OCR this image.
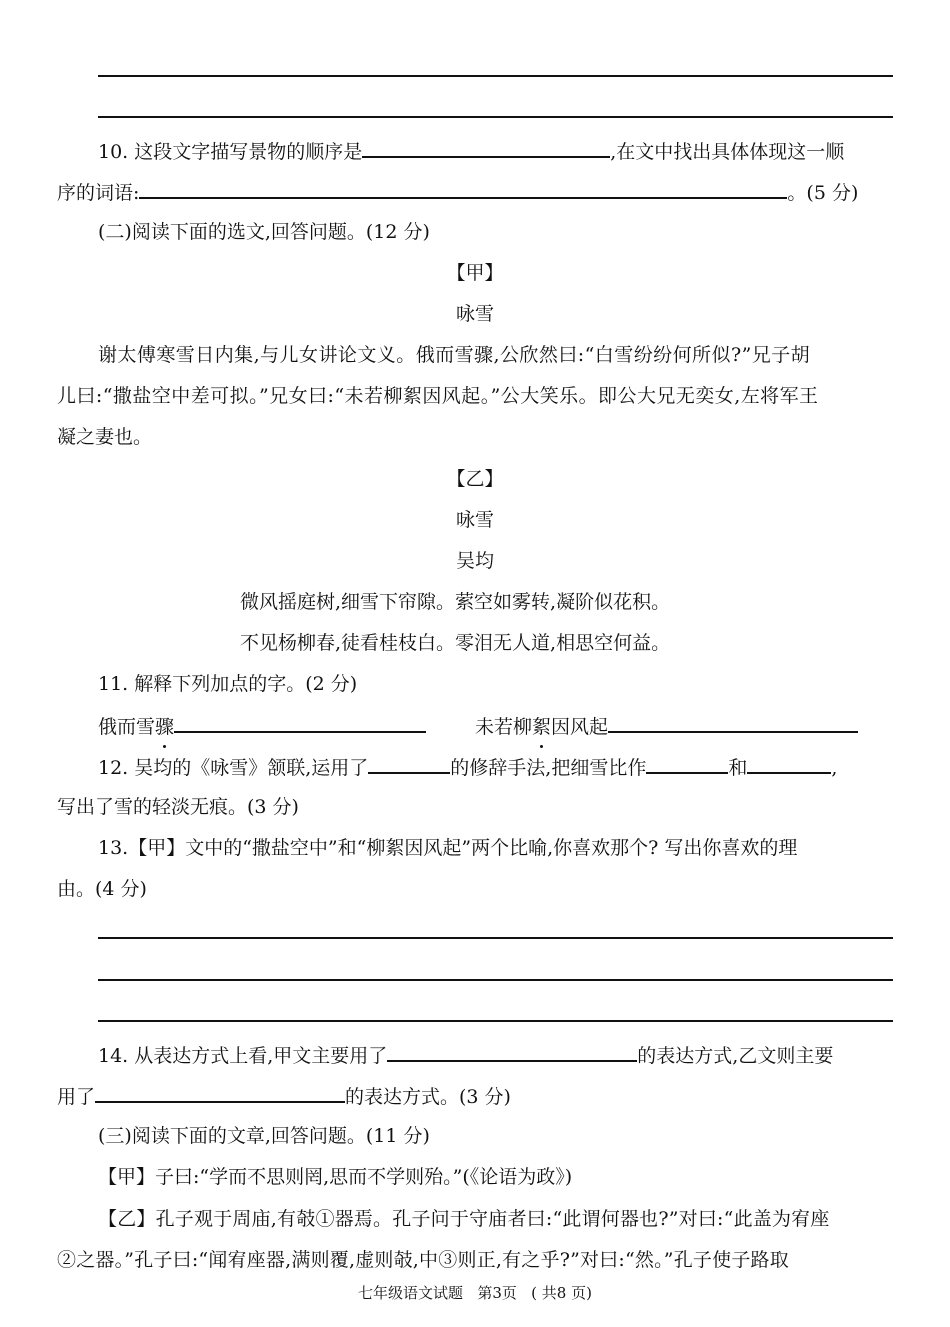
10. 这段文字描写景物的顺序是	,在文中找出具体体现这一顺
序的词语:	。(5 分)
(二)阅读下面的选文,回答问题。(12 分)
【甲】
咏雪
谢太傅寒雪日内集,与儿女讲论文义。俄而雪骤,公欣然曰:“白雪纷纷何所似?”兄子胡
儿曰:“撒盐空中差可拟。”兄女曰:“未若柳絮因风起。”公大笑乐。即公大兄无奕女,左将军王
凝之妻也。
【乙】
咏雪
吴均
微风摇庭树,细雪下帘隙。萦空如雾转,凝阶似花积。
不见杨柳春,徒看桂枝白。零泪无人道,相思空何益。
11. 解释下列加点的字。(2 分)
俄而雪骤	未若柳絮因风起
12. 吴均的《咏雪》颔联,运用了	的修辞手法,把细雪比作	和	,
写出了雪的轻淡无痕。(3 分)
13.【甲】文中的“撒盐空中”和“柳絮因风起”两个比喻,你喜欢那个? 写出你喜欢的理
由。(4 分)
14. 从表达方式上看,甲文主要用了	的表达方式,乙文则主要
用了	的表达方式。(3 分)
(三)阅读下面的文章,回答问题。(11 分)
【甲】子曰:“学而不思则罔,思而不学则殆。”(《论语为政》)
【乙】孔子观于周庙,有攲①器焉。孔子问于守庙者曰:“此谓何器也?”对曰:“此盖为宥座
②之器。”孔子曰:“闻宥座器,满则覆,虚则攲,中③则正,有之乎?”对曰:“然。”孔子使子路取
七年级语文试题   第3页   ( 共8 页)
